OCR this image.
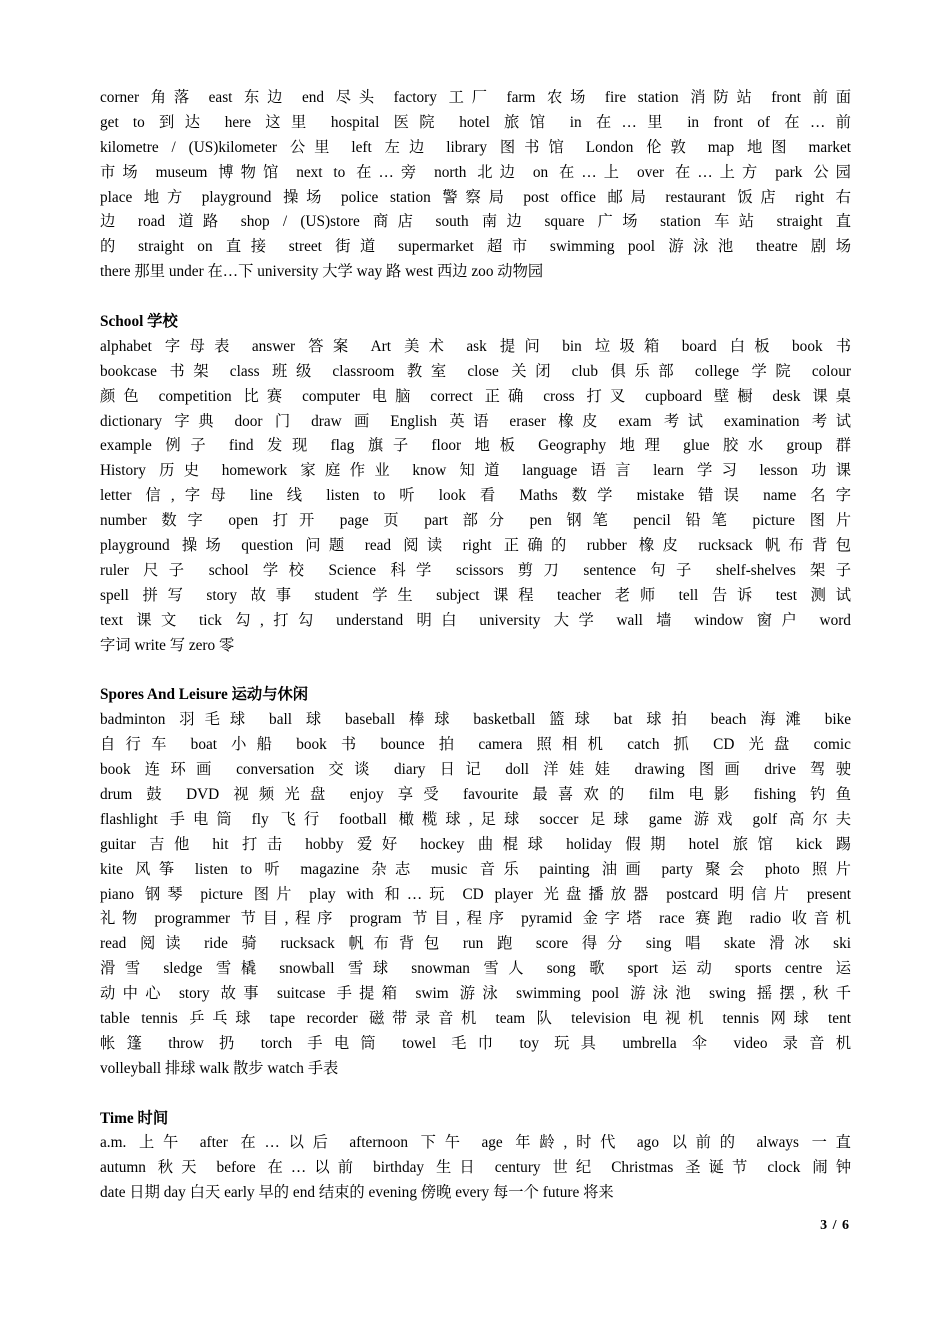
corner 角落 east 东边 end 尽头 factory 工厂 farm 农场 fire station 消防站 front 前面
get to 到达 here 这里 hospital 医院 hotel 旅馆 in 在…里 in front of 在…前
kilometre / (US)kilometer 公里 left 左边 library 图书馆 London 伦敦 map 地图 market
市场 museum 博物馆 next to 在…旁 north 北边 on 在…上 over 在…上方 park 公园
place 地方 playground 操场 police station 警察局 post office 邮局 restaurant 饭店 right 右
边 road 道路 shop / (US)store 商店 south 南边 square 广场 station 车站 straight 直
的 straight on 直接 street 街道 supermarket 超市 swimming pool 游泳池 theatre 剧场
there 那里 under 在…下 university 大学 way 路 west 西边 zoo 动物园
School 学校
alphabet 字母表 answer 答案 Art 美术 ask 提问 bin 垃圾箱 board 白板 book 书
bookcase 书架 class 班级 classroom 教室 close 关闭 club 俱乐部 college 学院 colour
颜色 competition 比赛 computer 电脑 correct 正确 cross 打叉 cupboard 壁橱 desk 课桌
dictionary 字典 door 门 draw 画 English 英语 eraser 橡皮 exam 考试 examination 考试
example 例子 find 发现 flag 旗子 floor 地板 Geography 地理 glue 胶水 group 群
History 历史 homework 家庭作业 know 知道 language 语言 learn 学习 lesson 功课
letter 信,字母 line 线 listen to 听 look 看 Maths 数学 mistake 错误 name 名字
number 数字 open 打开 page 页 part 部分 pen 钢笔 pencil 铅笔 picture 图片
playground 操场 question 问题 read 阅读 right 正确的 rubber 橡皮 rucksack 帆布背包
ruler 尺子 school 学校 Science 科学 scissors 剪刀 sentence 句子 shelf-shelves 架子
spell 拼写 story 故事 student 学生 subject 课程 teacher 老师 tell 告诉 test 测试
text 课文 tick 勾,打勾 understand 明白 university 大学 wall 墙 window 窗户 word
字词 write 写 zero 零
Spores And Leisure 运动与休闲
badminton 羽毛球 ball 球 baseball 棒球 basketball 篮球 bat 球拍 beach 海滩 bike
自行车 boat 小船 book 书 bounce 拍 camera 照相机 catch 抓 CD 光盘 comic
book 连环画 conversation 交谈 diary 日记 doll 洋娃娃 drawing 图画 drive 驾驶
drum 鼓 DVD 视频光盘 enjoy 享受 favourite 最喜欢的 film 电影 fishing 钓鱼
flashlight 手电筒 fly 飞行 football 橄榄球,足球 soccer 足球 game 游戏 golf 高尔夫
guitar 吉他 hit 打击 hobby 爱好 hockey 曲棍球 holiday 假期 hotel 旅馆 kick 踢
kite 风筝 listen to 听 magazine 杂志 music 音乐 painting 油画 party 聚会 photo 照片
piano 钢琴 picture 图片 play with 和…玩 CD player 光盘播放器 postcard 明信片 present
礼物 programmer 节目,程序 program 节目,程序 pyramid 金字塔 race 赛跑 radio 收音机
read 阅读 ride 骑 rucksack 帆布背包 run 跑 score 得分 sing 唱 skate 滑冰 ski
滑雪 sledge 雪橇 snowball 雪球 snowman 雪人 song 歌 sport 运动 sports centre 运
动中心 story 故事 suitcase 手提箱 swim 游泳 swimming pool 游泳池 swing 摇摆,秋千
table tennis 乒乓球 tape recorder 磁带录音机 team 队 television 电视机 tennis 网球 tent
帐篷 throw 扔 torch 手电筒 towel 毛巾 toy 玩具 umbrella 伞 video 录音机
volleyball 排球 walk 散步 watch 手表
Time 时间
a.m. 上午 after 在…以后 afternoon 下午 age 年龄,时代 ago 以前的 always 一直
autumn 秋天 before 在…以前 birthday 生日 century 世纪 Christmas 圣诞节 clock 闹钟
date 日期 day 白天 early 早的 end 结束的 evening 傍晚 every 每一个 future 将来
3 / 6
